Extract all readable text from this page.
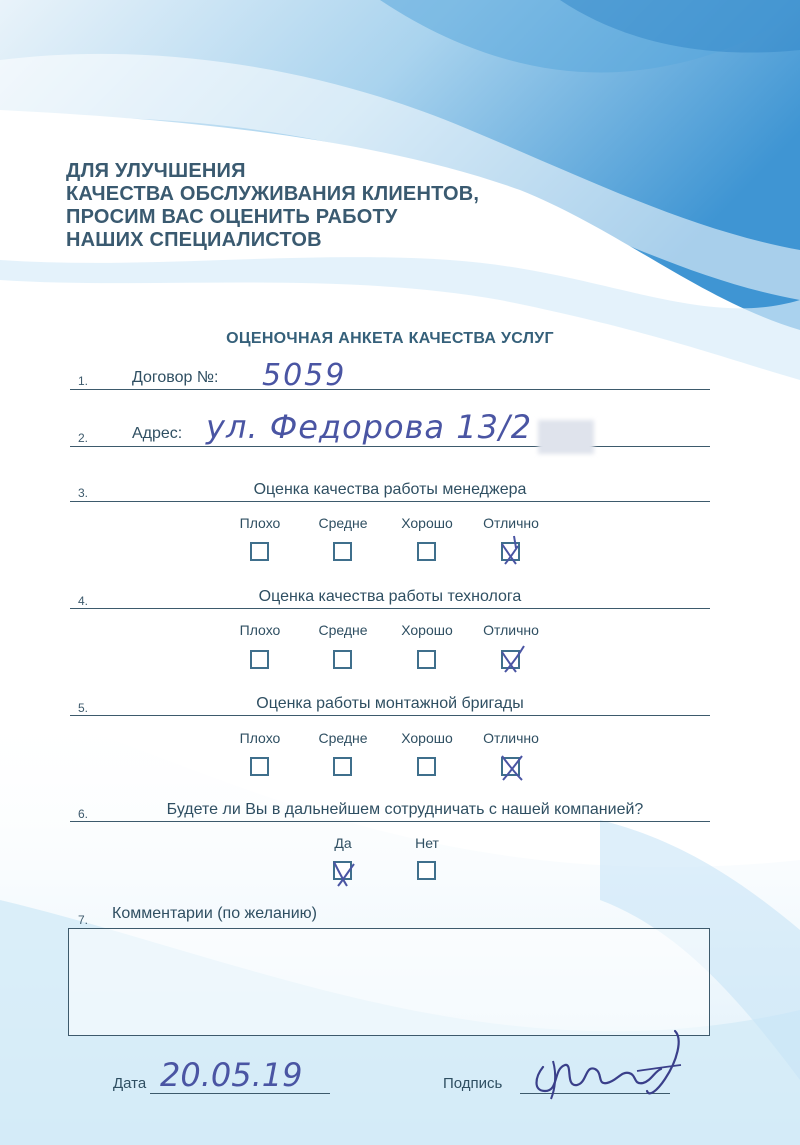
ДЛЯ УЛУЧШЕНИЯ
КАЧЕСТВА ОБСЛУЖИВАНИЯ КЛИЕНТОВ,
ПРОСИМ ВАС ОЦЕНИТЬ РАБОТУ
НАШИХ СПЕЦИАЛИСТОВ
ОЦЕНОЧНАЯ АНКЕТА КАЧЕСТВА УСЛУГ
1.	Договор №: 5059
2.	Адрес: ул. Федорова 13/2
3.	Оценка качества работы менеджера
Плохо	Средне	Хорошо	Отлично
4.	Оценка качества работы технолога
Плохо	Средне	Хорошо	Отлично
5.	Оценка работы монтажной бригады
Плохо	Средне	Хорошо	Отлично
6.	Будете ли Вы в дальнейшем сотрудничать с нашей компанией?
Да	Нет
7. Комментарии (по желанию)
Дата 20.05.19	Подпись
